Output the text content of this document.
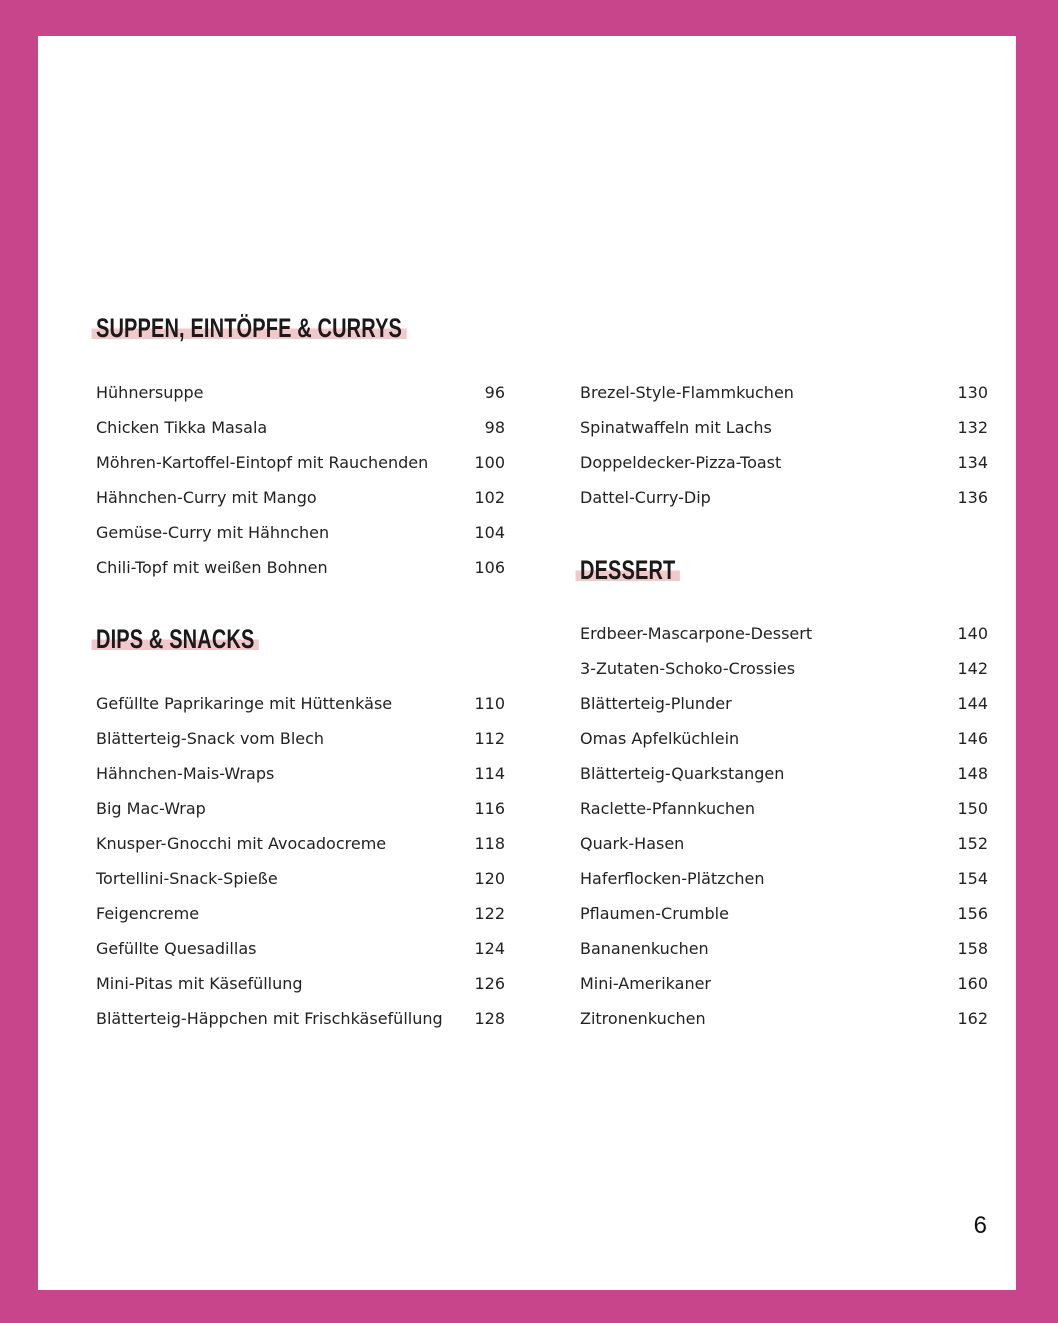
SUPPEN, EINTÖPFE & CURRYS
Hühnersuppe	96
Chicken Tikka Masala	98
Möhren-Kartoffel-Eintopf mit Rauchenden	100
Hähnchen-Curry mit Mango	102
Gemüse-Curry mit Hähnchen	104
Chili-Topf mit weißen Bohnen	106
DIPS & SNACKS
Gefüllte Paprikaringe mit Hüttenkäse	110
Blätterteig-Snack vom Blech	112
Hähnchen-Mais-Wraps	114
Big Mac-Wrap	116
Knusper-Gnocchi mit Avocadocreme	118
Tortellini-Snack-Spieße	120
Feigencreme	122
Gefüllte Quesadillas	124
Mini-Pitas mit Käsefüllung	126
Blätterteig-Häppchen mit Frischkäsefüllung 128
Brezel-Style-Flammkuchen	130
Spinatwaffeln mit Lachs	132
Doppeldecker-Pizza-Toast	134
Dattel-Curry-Dip	136
DESSERT
Erdbeer-Mascarpone-Dessert	140
3-Zutaten-Schoko-Crossies	142
Blätterteig-Plunder	144
Omas Apfelküchlein	146
Blätterteig-Quarkstangen	148
Raclette-Pfannkuchen	150
Quark-Hasen	152
Haferflocken-Plätzchen	154
Pflaumen-Crumble	156
Bananenkuchen	158
Mini-Amerikaner	160
Zitronenkuchen	162
6
